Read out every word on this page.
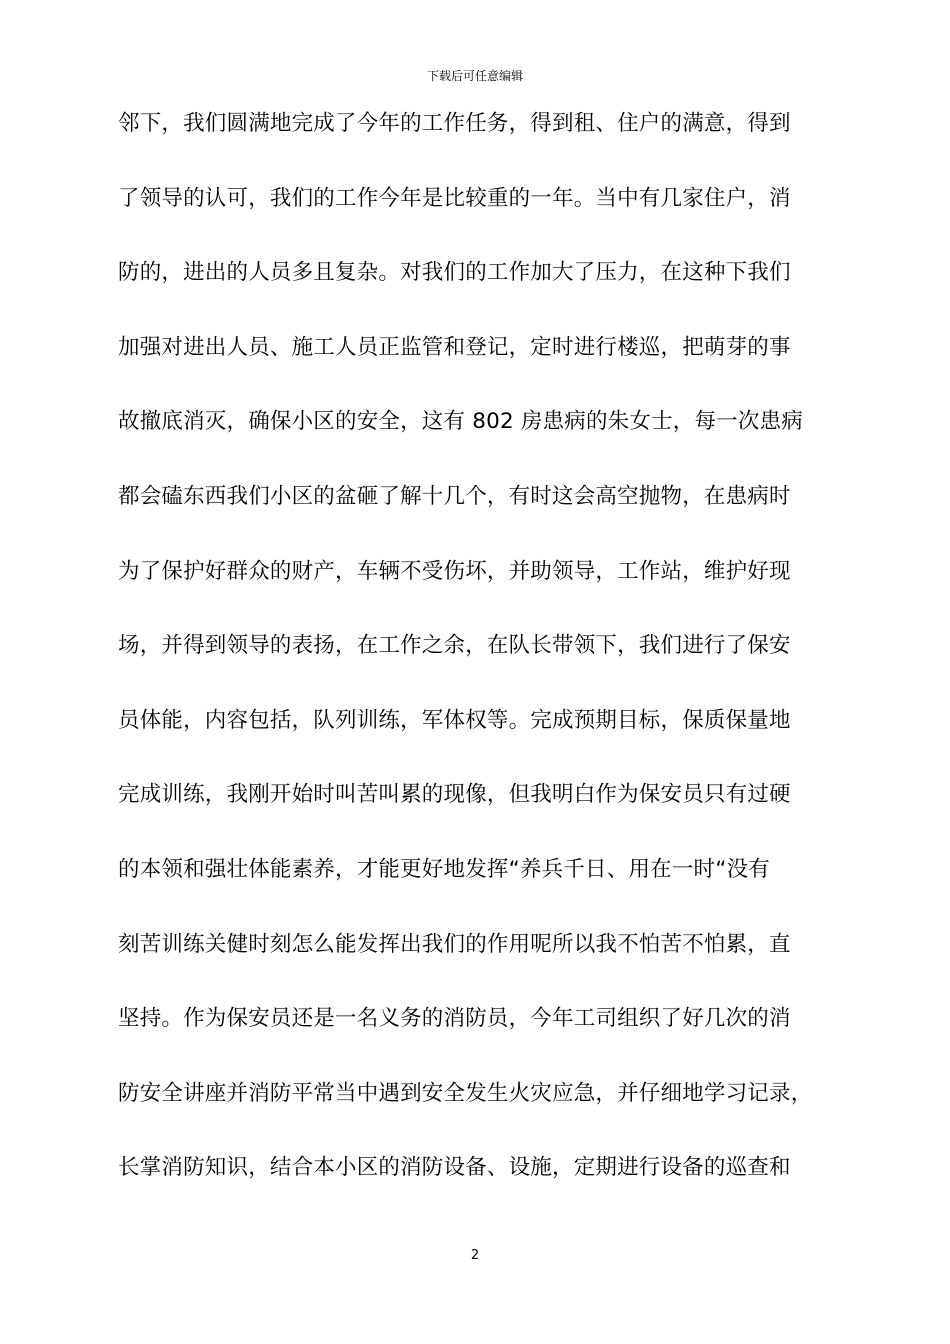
下载后可任意编辑
邻下，我们圆满地完成了今年的工作任务，得到租、住户的满意，得到
了领导的认可，我们的工作今年是比较重的一年。当中有几家住户，消
防的，进出的人员多且复杂。对我们的工作加大了压力，在这种下我们
加强对进出人员、施工人员正监管和登记，定时进行楼巡，把萌芽的事
故撤底消灭，确保小区的安全，这有 802 房患病的朱女士，每一次患病
都会磕东西我们小区的盆砸了解十几个，有时这会高空抛物，在患病时
为了保护好群众的财产，车辆不受伤坏，并助领导，工作站，维护好现
场，并得到领导的表扬，在工作之余，在队长带领下，我们进行了保安
员体能，内容包括，队列训练，军体权等。完成预期目标，保质保量地
完成训练，我刚开始时叫苦叫累的现像，但我明白作为保安员只有过硬
的本领和强壮体能素养，才能更好地发挥“养兵千日、用在一时“没有
刻苦训练关健时刻怎么能发挥出我们的作用呢所以我不怕苦不怕累，直
坚持。作为保安员还是一名义务的消防员，今年工司组织了好几次的消
防安全讲座并消防平常当中遇到安全发生火灾应急，并仔细地学习记录，
长掌消防知识，结合本小区的消防设备、设施，定期进行设备的巡查和
2
